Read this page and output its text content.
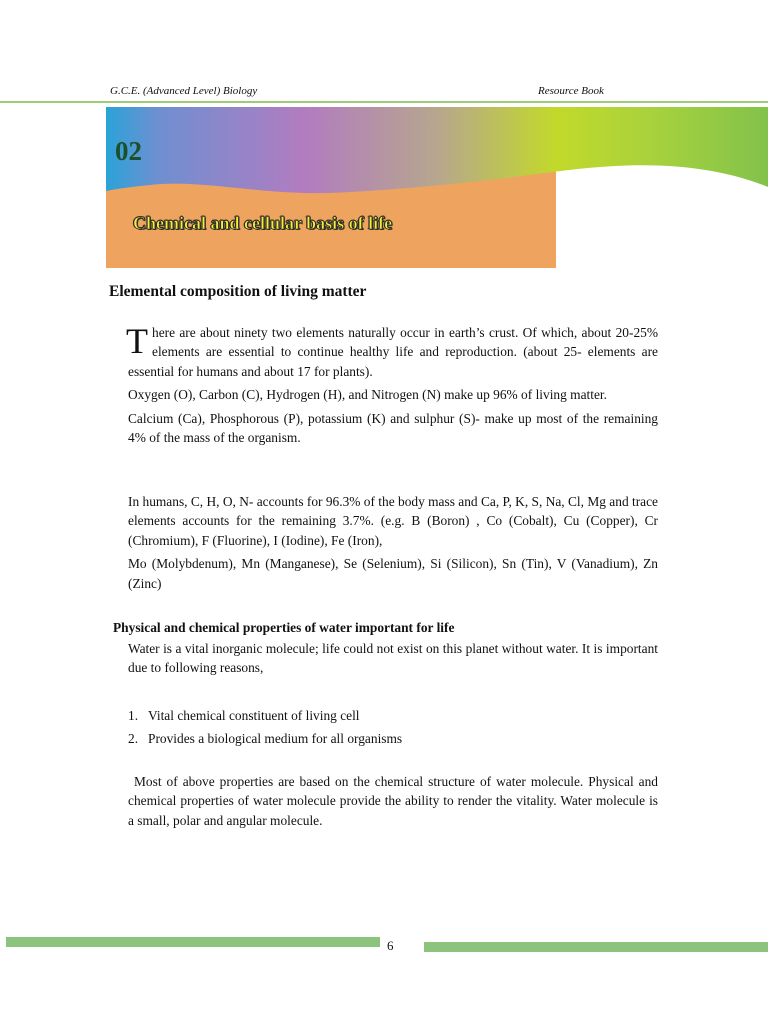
G.C.E. (Advanced Level) Biology	Resource Book
02
Chemical and cellular basis of life
Elemental composition of living matter

There are about ninety two elements naturally occur in earth’s crust. Of which, about 20-25% elements are essential to continue healthy life and reproduction. (about 25- elements are essential for humans and about 17 for plants).

Oxygen (O), Carbon (C), Hydrogen (H), and Nitrogen (N) make up 96% of living matter.

Calcium (Ca), Phosphorous (P), potassium (K) and sulphur (S)- make up most of the remaining 4% of the mass of the organism.

In humans, C, H, O, N- accounts for 96.3% of the body mass and Ca, P, K, S, Na, Cl, Mg and trace elements accounts for the remaining 3.7%. (e.g. B (Boron) , Co (Cobalt), Cu (Copper), Cr (Chromium), F (Fluorine), I (Iodine), Fe (Iron),

Mo (Molybdenum), Mn (Manganese), Se (Selenium), Si (Silicon), Sn (Tin), V (Vanadium), Zn (Zinc)

Physical and chemical properties of water important for life

Water is a vital inorganic molecule; life could not exist on this planet without water. It is important due to following reasons,

1. Vital chemical constituent of living cell
2. Provides a biological medium for all organisms

Most of above properties are based on the chemical structure of water molecule. Physical and chemical properties of water molecule provide the ability to render the vitality. Water molecule is a small, polar and angular molecule.

6
